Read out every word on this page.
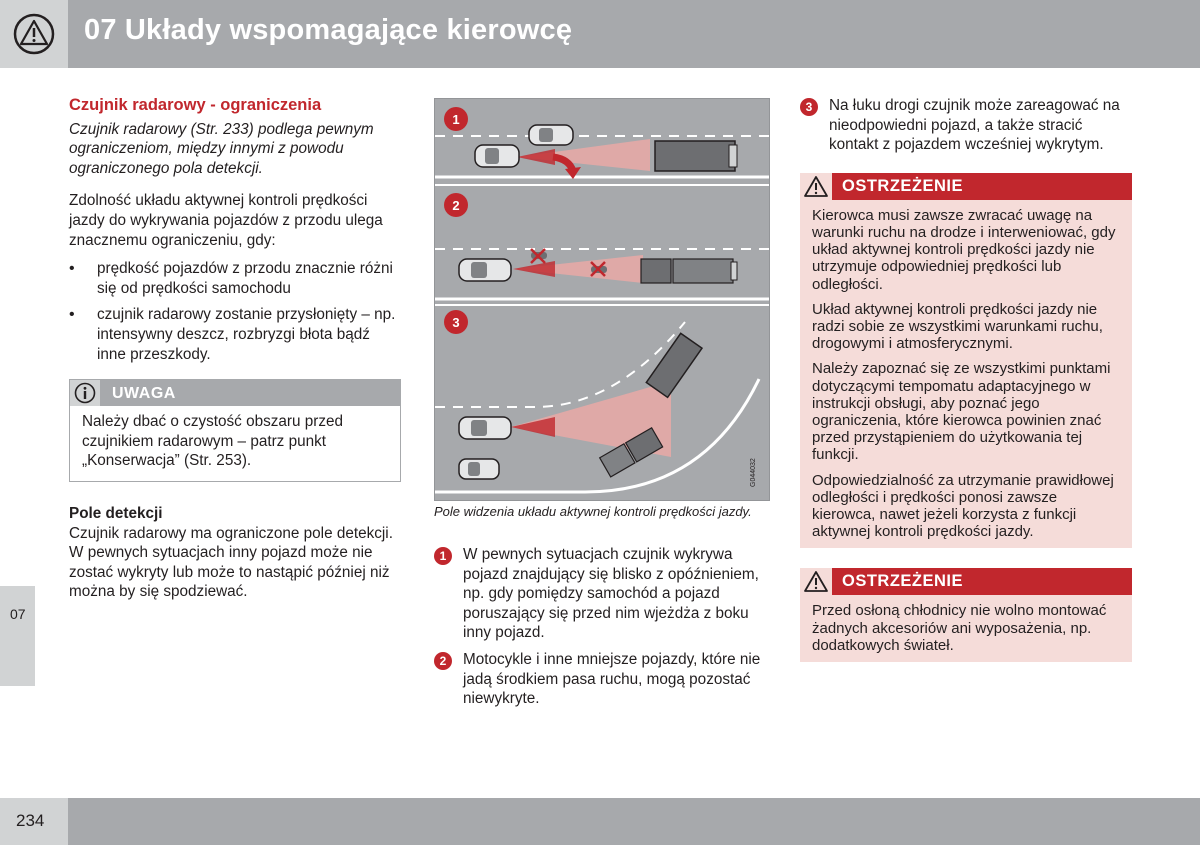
07 Układy wspomagające kierowcę
07
Czujnik radarowy - ograniczenia

Czujnik radarowy (Str. 233) podlega pewnym ograniczeniom, między innymi z powodu ograniczonego pola detekcji.

Zdolność układu aktywnej kontroli prędkości jazdy do wykrywania pojazdów z przodu ulega znacznemu ograniczeniu, gdy:

• prędkość pojazdów z przodu znacznie różni się od prędkości samochodu
• czujnik radarowy zostanie przysłonięty – np. intensywny deszcz, rozbryzgi błota bądź inne przeszkody.
UWAGA
Należy dbać o czystość obszaru przed czujnikiem radarowym – patrz punkt „Konserwacja” (Str. 253).
Pole detekcji
Czujnik radarowy ma ograniczone pole detekcji. W pewnych sytuacjach inny pojazd może nie zostać wykryty lub może to nastąpić później niż można by się spodziewać.
1
2
3
G044032
Pole widzenia układu aktywnej kontroli prędkości jazdy.
1	W pewnych sytuacjach czujnik wykrywa pojazd znajdujący się blisko z opóźnieniem, np. gdy pomiędzy samochód a pojazd poruszający się przed nim wjeżdża z boku inny pojazd.
2	Motocykle i inne mniejsze pojazdy, które nie jadą środkiem pasa ruchu, mogą pozostać niewykryte.
3	Na łuku drogi czujnik może zareagować na nieodpowiedni pojazd, a także stracić kontakt z pojazdem wcześniej wykrytym.
OSTRZEŻENIE

Kierowca musi zawsze zwracać uwagę na warunki ruchu na drodze i interweniować, gdy układ aktywnej kontroli prędkości jazdy nie utrzymuje odpowiedniej prędkości lub odległości.

Układ aktywnej kontroli prędkości jazdy nie radzi sobie ze wszystkimi warunkami ruchu, drogowymi i atmosferycznymi.

Należy zapoznać się ze wszystkimi punktami dotyczącymi tempomatu adaptacyjnego w instrukcji obsługi, aby poznać jego ograniczenia, które kierowca powinien znać przed przystąpieniem do użytkowania tej funkcji.

Odpowiedzialność za utrzymanie prawidłowej odległości i prędkości ponosi zawsze kierowca, nawet jeżeli korzysta z funkcji aktywnej kontroli prędkości jazdy.

OSTRZEŻENIE

Przed osłoną chłodnicy nie wolno montować żadnych akcesoriów ani wyposażenia, np. dodatkowych świateł.

234
